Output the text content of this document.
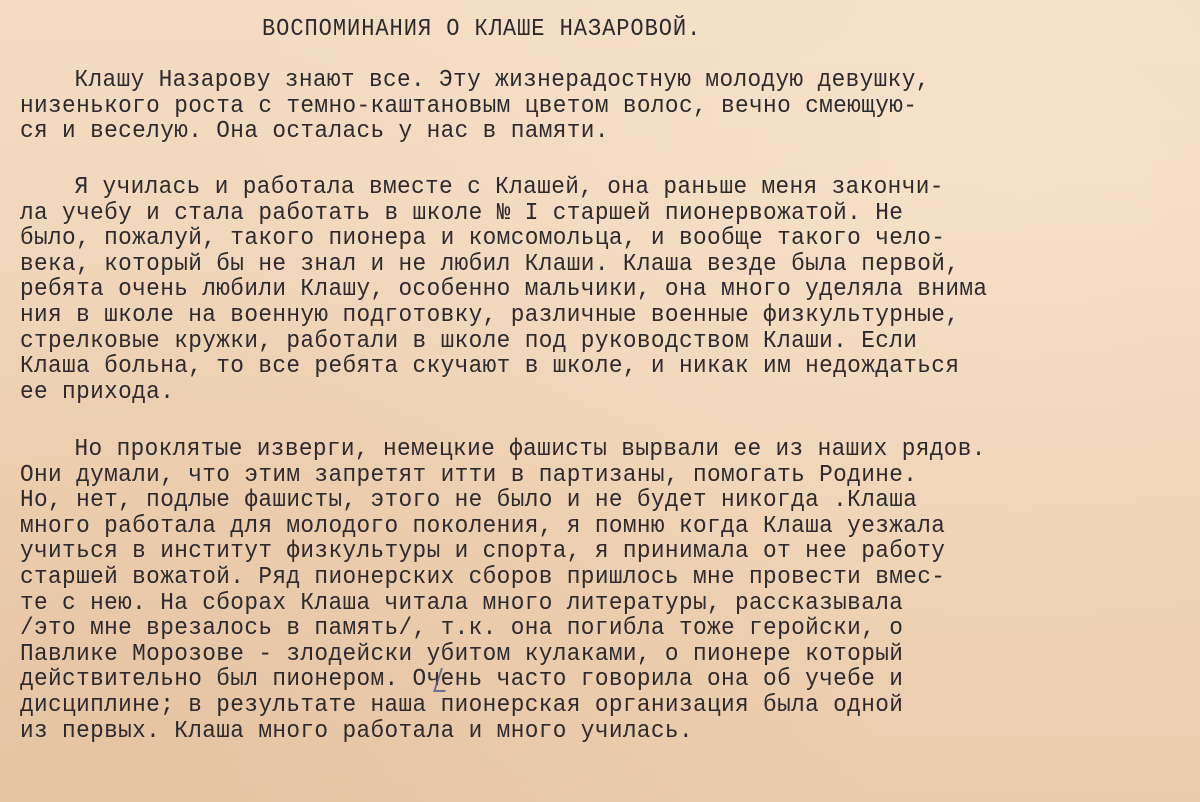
ВОСПОМИНАНИЯ О КЛАШЕ НАЗАРОВОЙ.

Клашу Назарову знают все. Эту жизнерадостную молодую девушку,
низенького роста с темно-каштановым цветом волос, вечно смеющую-
ся и веселую. Она осталась у нас в памяти.

Я училась и работала вместе с Клашей, она раньше меня закончи-
ла учебу и стала работать в школе № I старшей пионервожатой. Не
было, пожалуй, такого пионера и комсомольца, и вообще такого чело-
века, который бы не знал и не любил Клаши. Клаша везде была первой,
ребята очень любили Клашу, особенно мальчики, она много уделяла внима
ния в школе на военную подготовку, различные военные физкультурные,
стрелковые кружки, работали в школе под руководством Клаши. Если
Клаша больна, то все ребята скучают в школе, и никак им недождаться
ее прихода.

Но проклятые изверги, немецкие фашисты вырвали ее из наших рядов.
Они думали, что этим запретят итти в партизаны, помогать Родине.
Но, нет, подлые фашисты, этого не было и не будет никогда .Клаша
много работала для молодого поколения, я помню когда Клаша уезжала
учиться в институт физкультуры и спорта, я принимала от нее работу
старшей вожатой. Ряд пионерских сборов пришлось мне провести вмес-
те с нею. На сборах Клаша читала много литературы, рассказывала
/это мне врезалось в память/, т.к. она погибла тоже геройски, о
Павлике Морозове - злодейски убитом кулаками, о пионере который
действительно был пионером. Очень часто говорила она об учебе и
дисциплине; в результате наша пионерская организация была одной
из первых. Клаша много работала и много училась.
